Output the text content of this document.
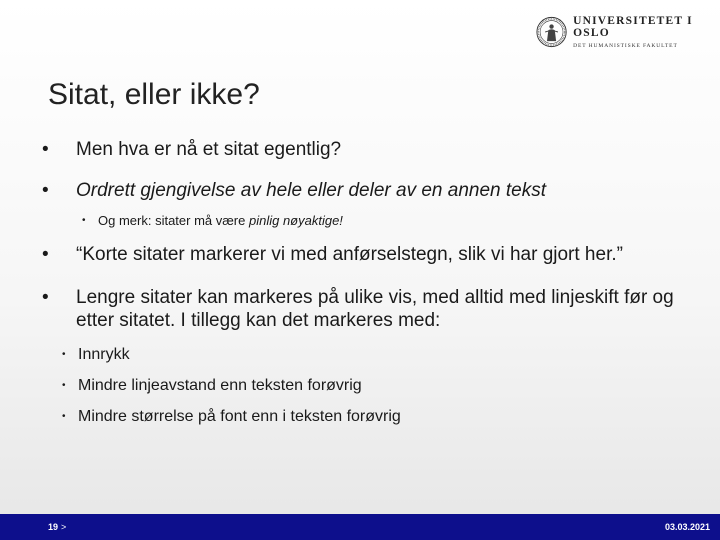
UNIVERSITETET I OSLO
DET HUMANISTISKE FAKULTET
Sitat, eller ikke?
• Men hva er nå et sitat egentlig?
• Ordrett gjengivelse av hele eller deler av en annen tekst
• Og merk: sitater må være pinlig nøyaktige!
• “Korte sitater markerer vi med anførselstegn, slik vi har gjort her.”
• Lengre sitater kan markeres på ulike vis, med alltid med linjeskift før og etter sitatet. I tillegg kan det markeres med:
• Innrykk
• Mindre linjeavstand enn teksten forøvrig
• Mindre størrelse på font enn i teksten forøvrig
19 >	03.03.2021
